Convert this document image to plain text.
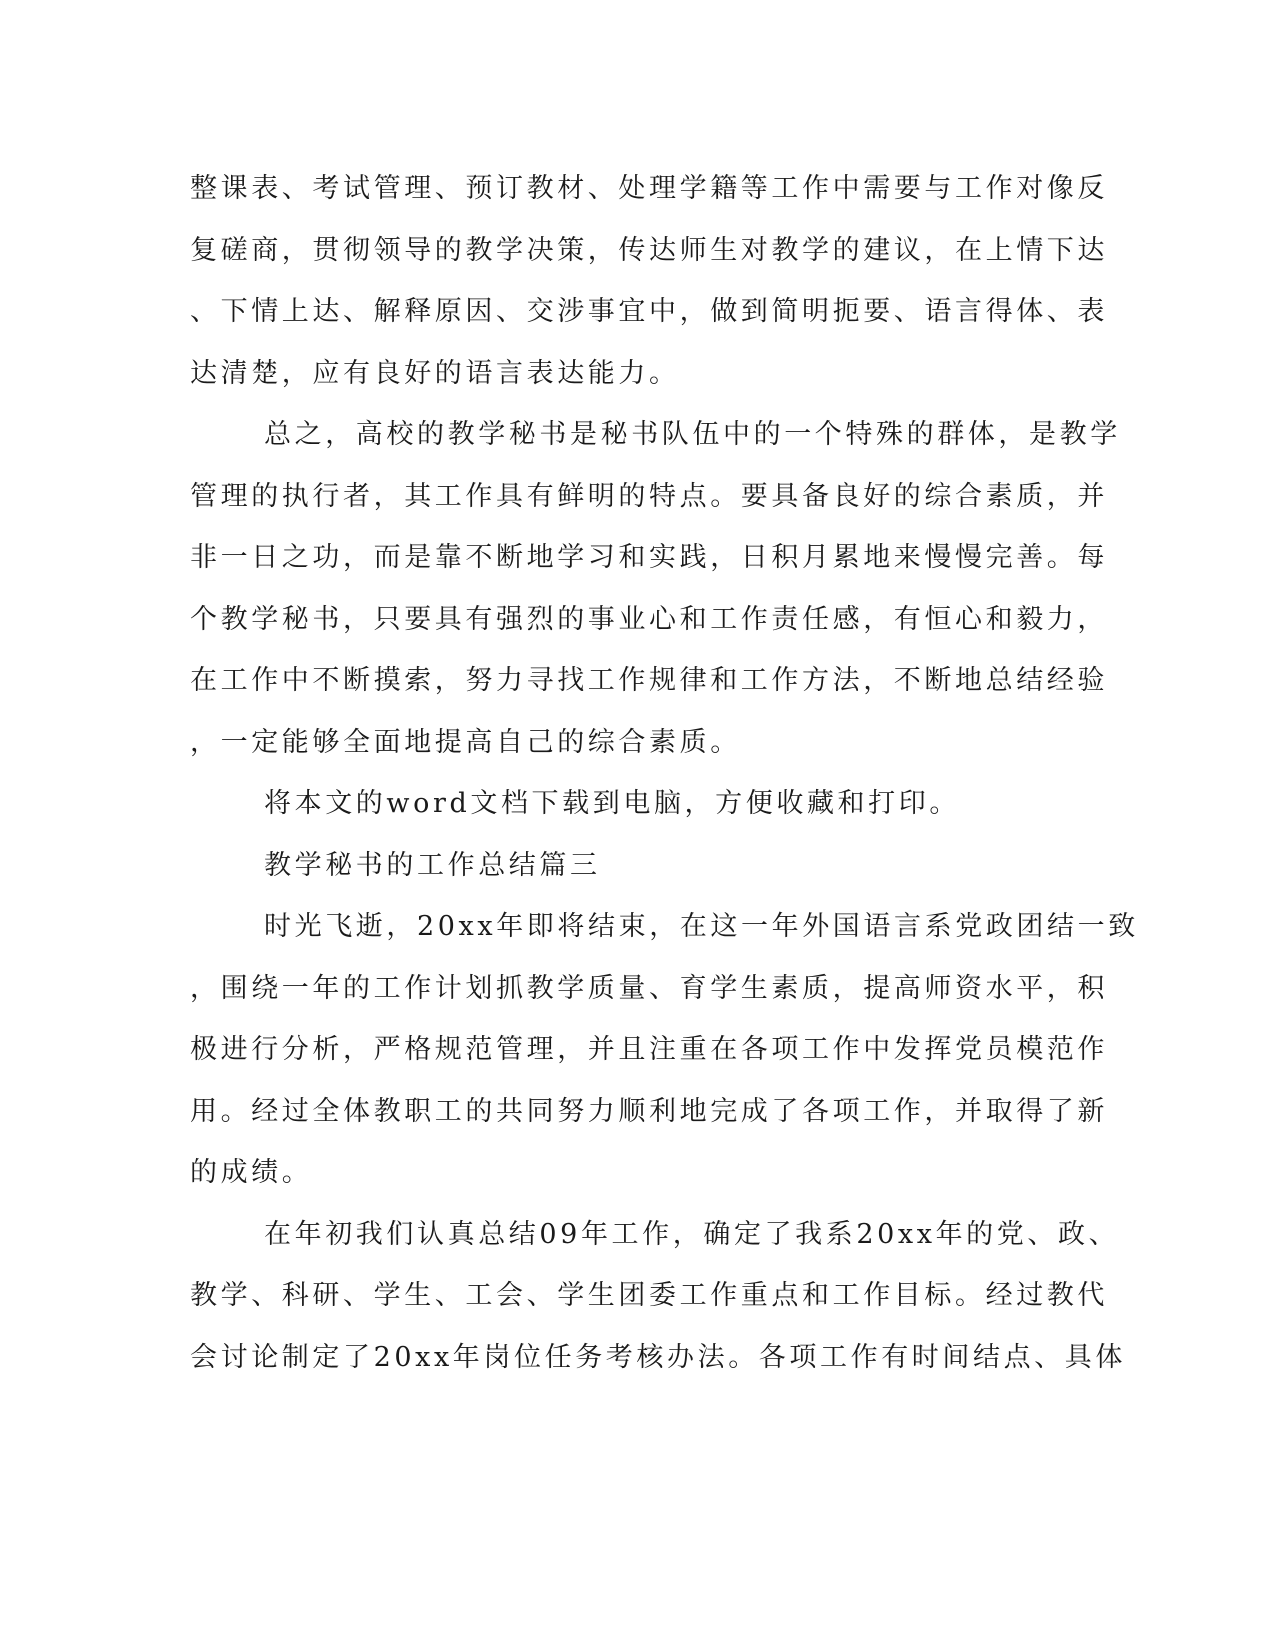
整课表、考试管理、预订教材、处理学籍等工作中需要与工作对像反
复磋商，贯彻领导的教学决策，传达师生对教学的建议，在上情下达
、下情上达、解释原因、交涉事宜中，做到简明扼要、语言得体、表
达清楚，应有良好的语言表达能力。
总之，高校的教学秘书是秘书队伍中的一个特殊的群体，是教学
管理的执行者，其工作具有鲜明的特点。要具备良好的综合素质，并
非一日之功，而是靠不断地学习和实践，日积月累地来慢慢完善。每
个教学秘书，只要具有强烈的事业心和工作责任感，有恒心和毅力，
在工作中不断摸索，努力寻找工作规律和工作方法，不断地总结经验
，一定能够全面地提高自己的综合素质。
将本文的word文档下载到电脑，方便收藏和打印。
教学秘书的工作总结篇三
时光飞逝，20xx年即将结束，在这一年外国语言系党政团结一致
，围绕一年的工作计划抓教学质量、育学生素质，提高师资水平，积
极进行分析，严格规范管理，并且注重在各项工作中发挥党员模范作
用。经过全体教职工的共同努力顺利地完成了各项工作，并取得了新
的成绩。
在年初我们认真总结09年工作，确定了我系20xx年的党、政、
教学、科研、学生、工会、学生团委工作重点和工作目标。经过教代
会讨论制定了20xx年岗位任务考核办法。各项工作有时间结点、具体
